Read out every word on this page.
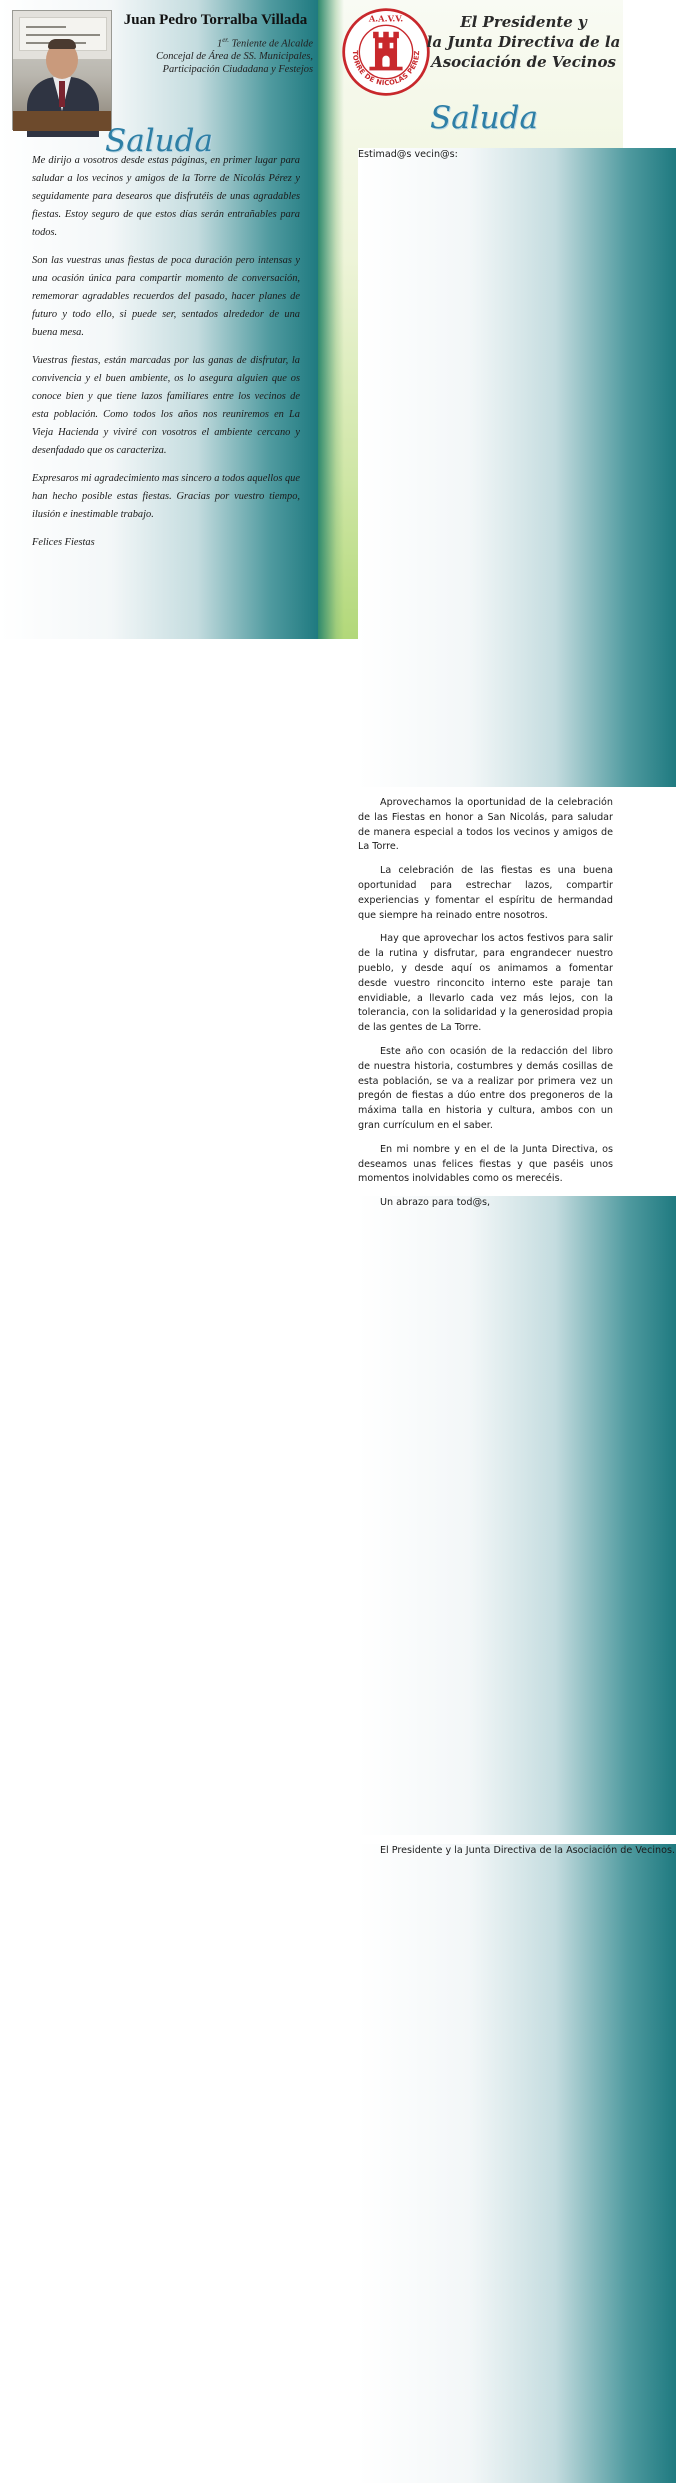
Juan Pedro Torralba Villada
$1^{er.}$ Teniente de Alcalde
Concejal de Área de SS. Municipales,
Participación Ciudadana y Festejos
Saluda

Me dirijo a vosotros desde estas páginas, en primer lugar para saludar a los vecinos y amigos de la Torre de Nicolás Pérez y seguidamente para desearos que disfrutéis de unas agradables fiestas. Estoy seguro de que estos días serán entrañables para todos.

Son las vuestras unas fiestas de poca duración pero intensas y una ocasión única para compartir momento de conversación, rememorar agradables recuerdos del pasado, hacer planes de futuro y todo ello, si puede ser, sentados alrededor de una buena mesa.

Vuestras fiestas, están marcadas por las ganas de disfrutar, la convivencia y el buen ambiente, os lo asegura alguien que os conoce bien y que tiene lazos familiares entre los vecinos de esta población. Como todos los años nos reuniremos en La Vieja Hacienda y viviré con vosotros el ambiente cercano y desenfadado que os caracteriza.

Expresaros mi agradecimiento mas sincero a todos aquellos que han hecho posible estas fiestas. Gracias por vuestro tiempo, ilusión e inestimable trabajo.

Felices Fiestas

A.A.V.V.
TORRE DE NICOLÁS PÉREZ
El Presidente y
la Junta Directiva de la
Asociación de Vecinos
Saluda

Estimad@s vecin@s:

Aprovechamos la oportunidad de la celebración de las Fiestas en honor a San Nicolás, para saludar de manera especial a todos los vecinos y amigos de La Torre.

La celebración de las fiestas es una buena oportunidad para estrechar lazos, compartir experiencias y fomentar el espíritu de hermandad que siempre ha reinado entre nosotros.

Hay que aprovechar los actos festivos para salir de la rutina y disfrutar, para engrandecer nuestro pueblo, y desde aquí os animamos a fomentar desde vuestro rinconcito interno este paraje tan envidiable, a llevarlo cada vez más lejos, con la tolerancia, con la solidaridad y la generosidad propia de las gentes de La Torre.

Este año con ocasión de la redacción del libro de nuestra historia, costumbres y demás cosillas de esta población, se va a realizar por primera vez un pregón de fiestas a dúo entre dos pregoneros de la máxima talla en historia y cultura, ambos con un gran currículum en el saber.

En mi nombre y en el de la Junta Directiva, os deseamos unas felices fiestas y que paséis unos momentos inolvidables como os merecéis.

Un abrazo para tod@s,

El Presidente y la Junta Directiva de la Asociación de Vecinos.
